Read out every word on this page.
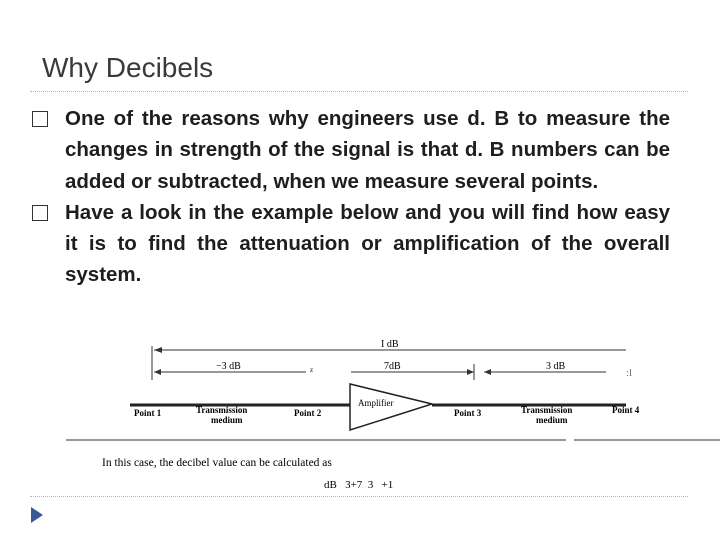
Why Decibels
One of the reasons why engineers use d. B to measure the changes in strength of the signal is that d. B numbers can be added or subtracted, when we measure several points.
Have a look in the example below and you will find how easy it is to find the attenuation or amplification of the overall system.
I dB
−3 dB	z	7dB	3 dB
:l
Amplifier
Point 1	Transmission
medium
Point 2	Point 3	Transmission
medium
Point 4
In this case, the decibel value can be calculated as
dB   3+7  3   +1
